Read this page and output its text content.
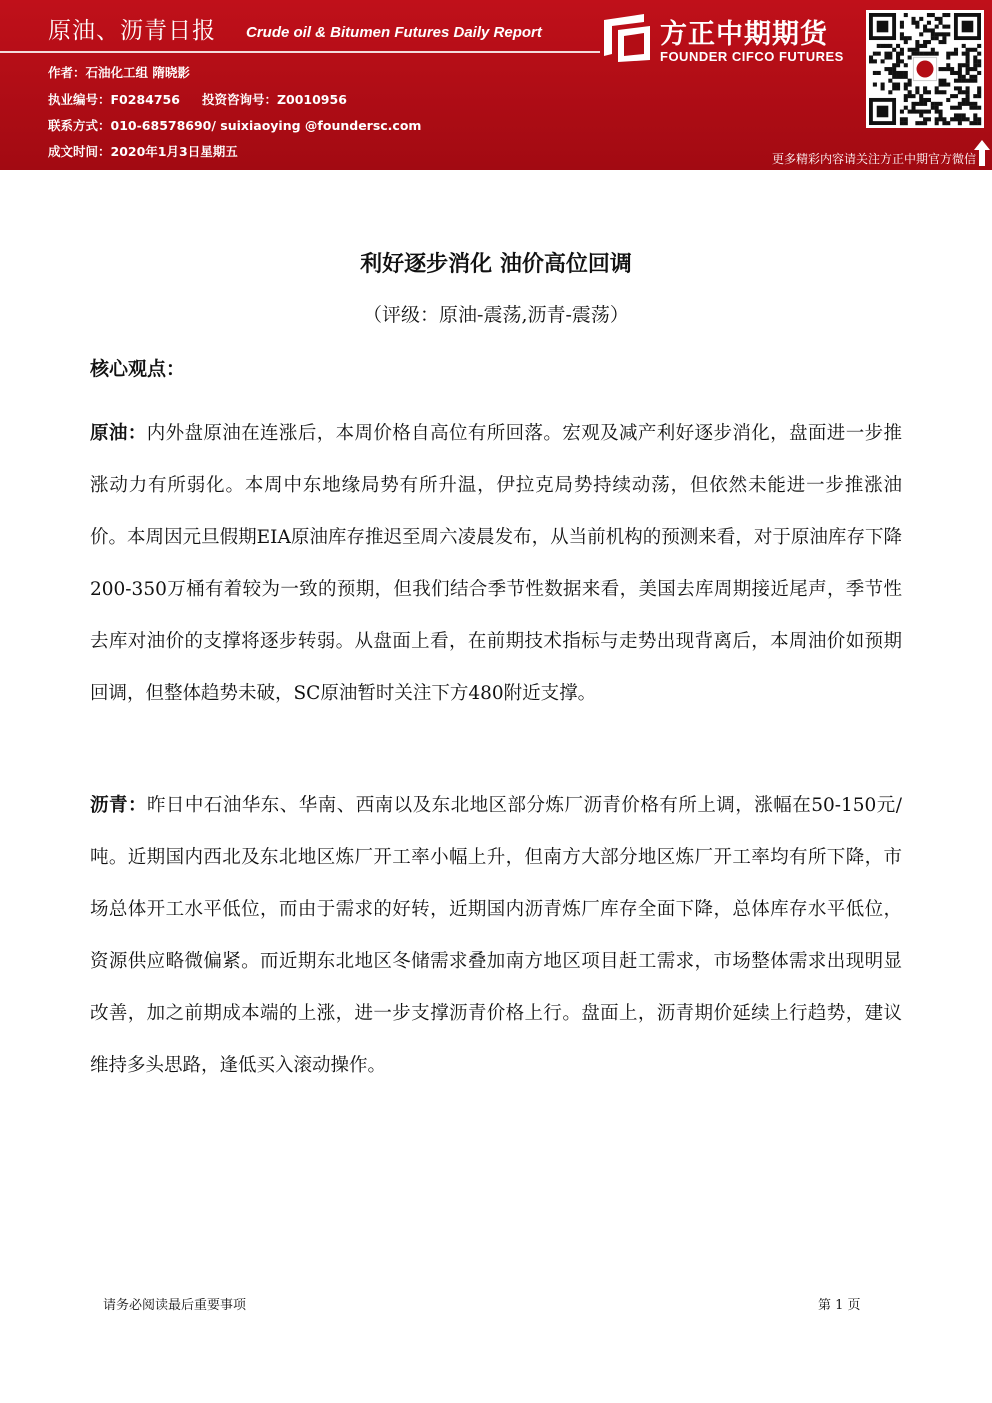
原油、沥青日报 Crude oil & Bitumen Futures Daily Report
作者：石油化工组 隋晓影
执业编号：F0284756 投资咨询号：Z0010956
联系方式：010-68578690/ suixiaoying @foundersc.com
成文时间：2020年1月3日星期五
方正中期期货
FOUNDER CIFCO FUTURES
更多精彩内容请关注方正中期官方微信
利好逐步消化 油价高位回调
（评级：原油-震荡,沥青-震荡）
核心观点：
原油：内外盘原油在连涨后，本周价格自高位有所回落。宏观及减产利好逐步消化，盘面进一步推涨动力有所弱化。本周中东地缘局势有所升温，伊拉克局势持续动荡，但依然未能进一步推涨油价。本周因元旦假期EIA原油库存推迟至周六凌晨发布，从当前机构的预测来看，对于原油库存下降200-350万桶有着较为一致的预期，但我们结合季节性数据来看，美国去库周期接近尾声，季节性去库对油价的支撑将逐步转弱。从盘面上看，在前期技术指标与走势出现背离后，本周油价如预期回调，但整体趋势未破，SC原油暂时关注下方480附近支撑。
沥青：昨日中石油华东、华南、西南以及东北地区部分炼厂沥青价格有所上调，涨幅在50-150元/吨。近期国内西北及东北地区炼厂开工率小幅上升，但南方大部分地区炼厂开工率均有所下降，市场总体开工水平低位，而由于需求的好转，近期国内沥青炼厂库存全面下降，总体库存水平低位，资源供应略微偏紧。而近期东北地区冬储需求叠加南方地区项目赶工需求，市场整体需求出现明显改善，加之前期成本端的上涨，进一步支撑沥青价格上行。盘面上，沥青期价延续上行趋势，建议维持多头思路，逢低买入滚动操作。
请务必阅读最后重要事项	第 1 页
